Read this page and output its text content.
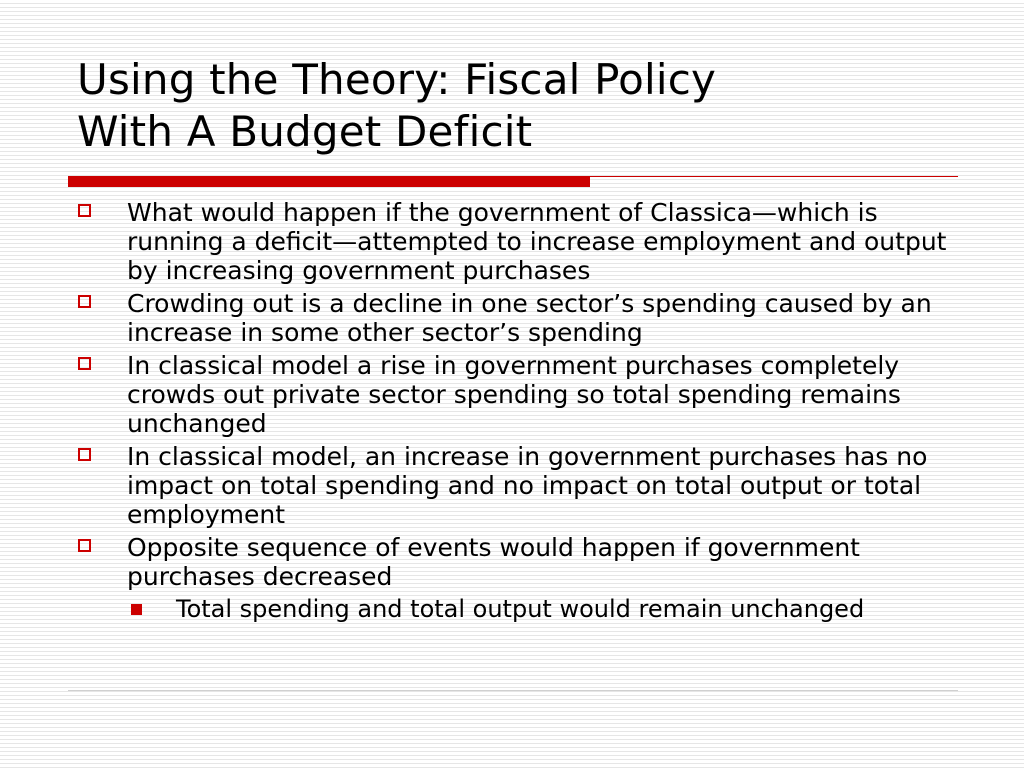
Using the Theory: Fiscal Policy
With A Budget Deficit
What would happen if the government of Classica—which is running a deficit—attempted to increase employment and output by increasing government purchases
Crowding out is a decline in one sector’s spending caused by an increase in some other sector’s spending
In classical model a rise in government purchases completely crowds out private sector spending so total spending remains unchanged
In classical model, an increase in government purchases has no impact on total spending and no impact on total output or total employment
Opposite sequence of events would happen if government purchases decreased
Total spending and total output would remain unchanged
